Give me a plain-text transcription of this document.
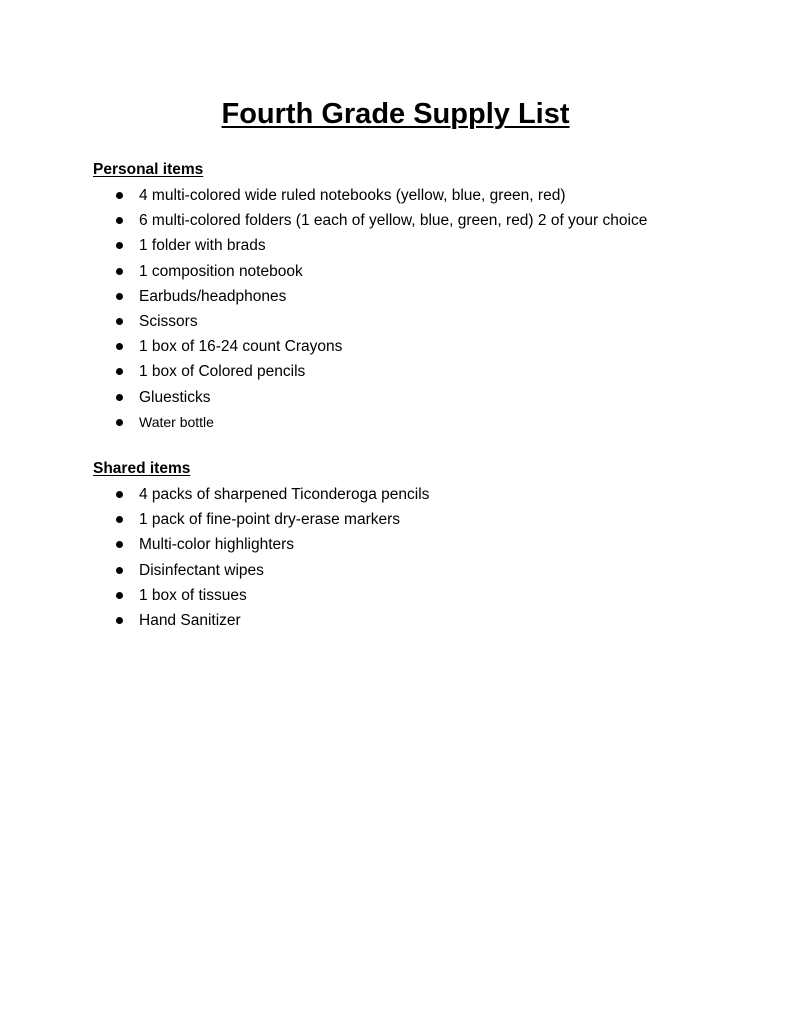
Fourth Grade Supply List

Personal items

4 multi-colored wide ruled notebooks (yellow, blue, green, red)
6 multi-colored folders (1 each of yellow, blue, green, red) 2 of your choice
1 folder with brads
1 composition notebook
Earbuds/headphones
Scissors
1 box of 16-24 count Crayons
1 box of Colored pencils
Gluesticks
Water bottle

Shared items

4 packs of sharpened Ticonderoga pencils
1 pack of fine-point dry-erase markers
Multi-color highlighters
Disinfectant wipes
1 box of tissues
Hand Sanitizer
